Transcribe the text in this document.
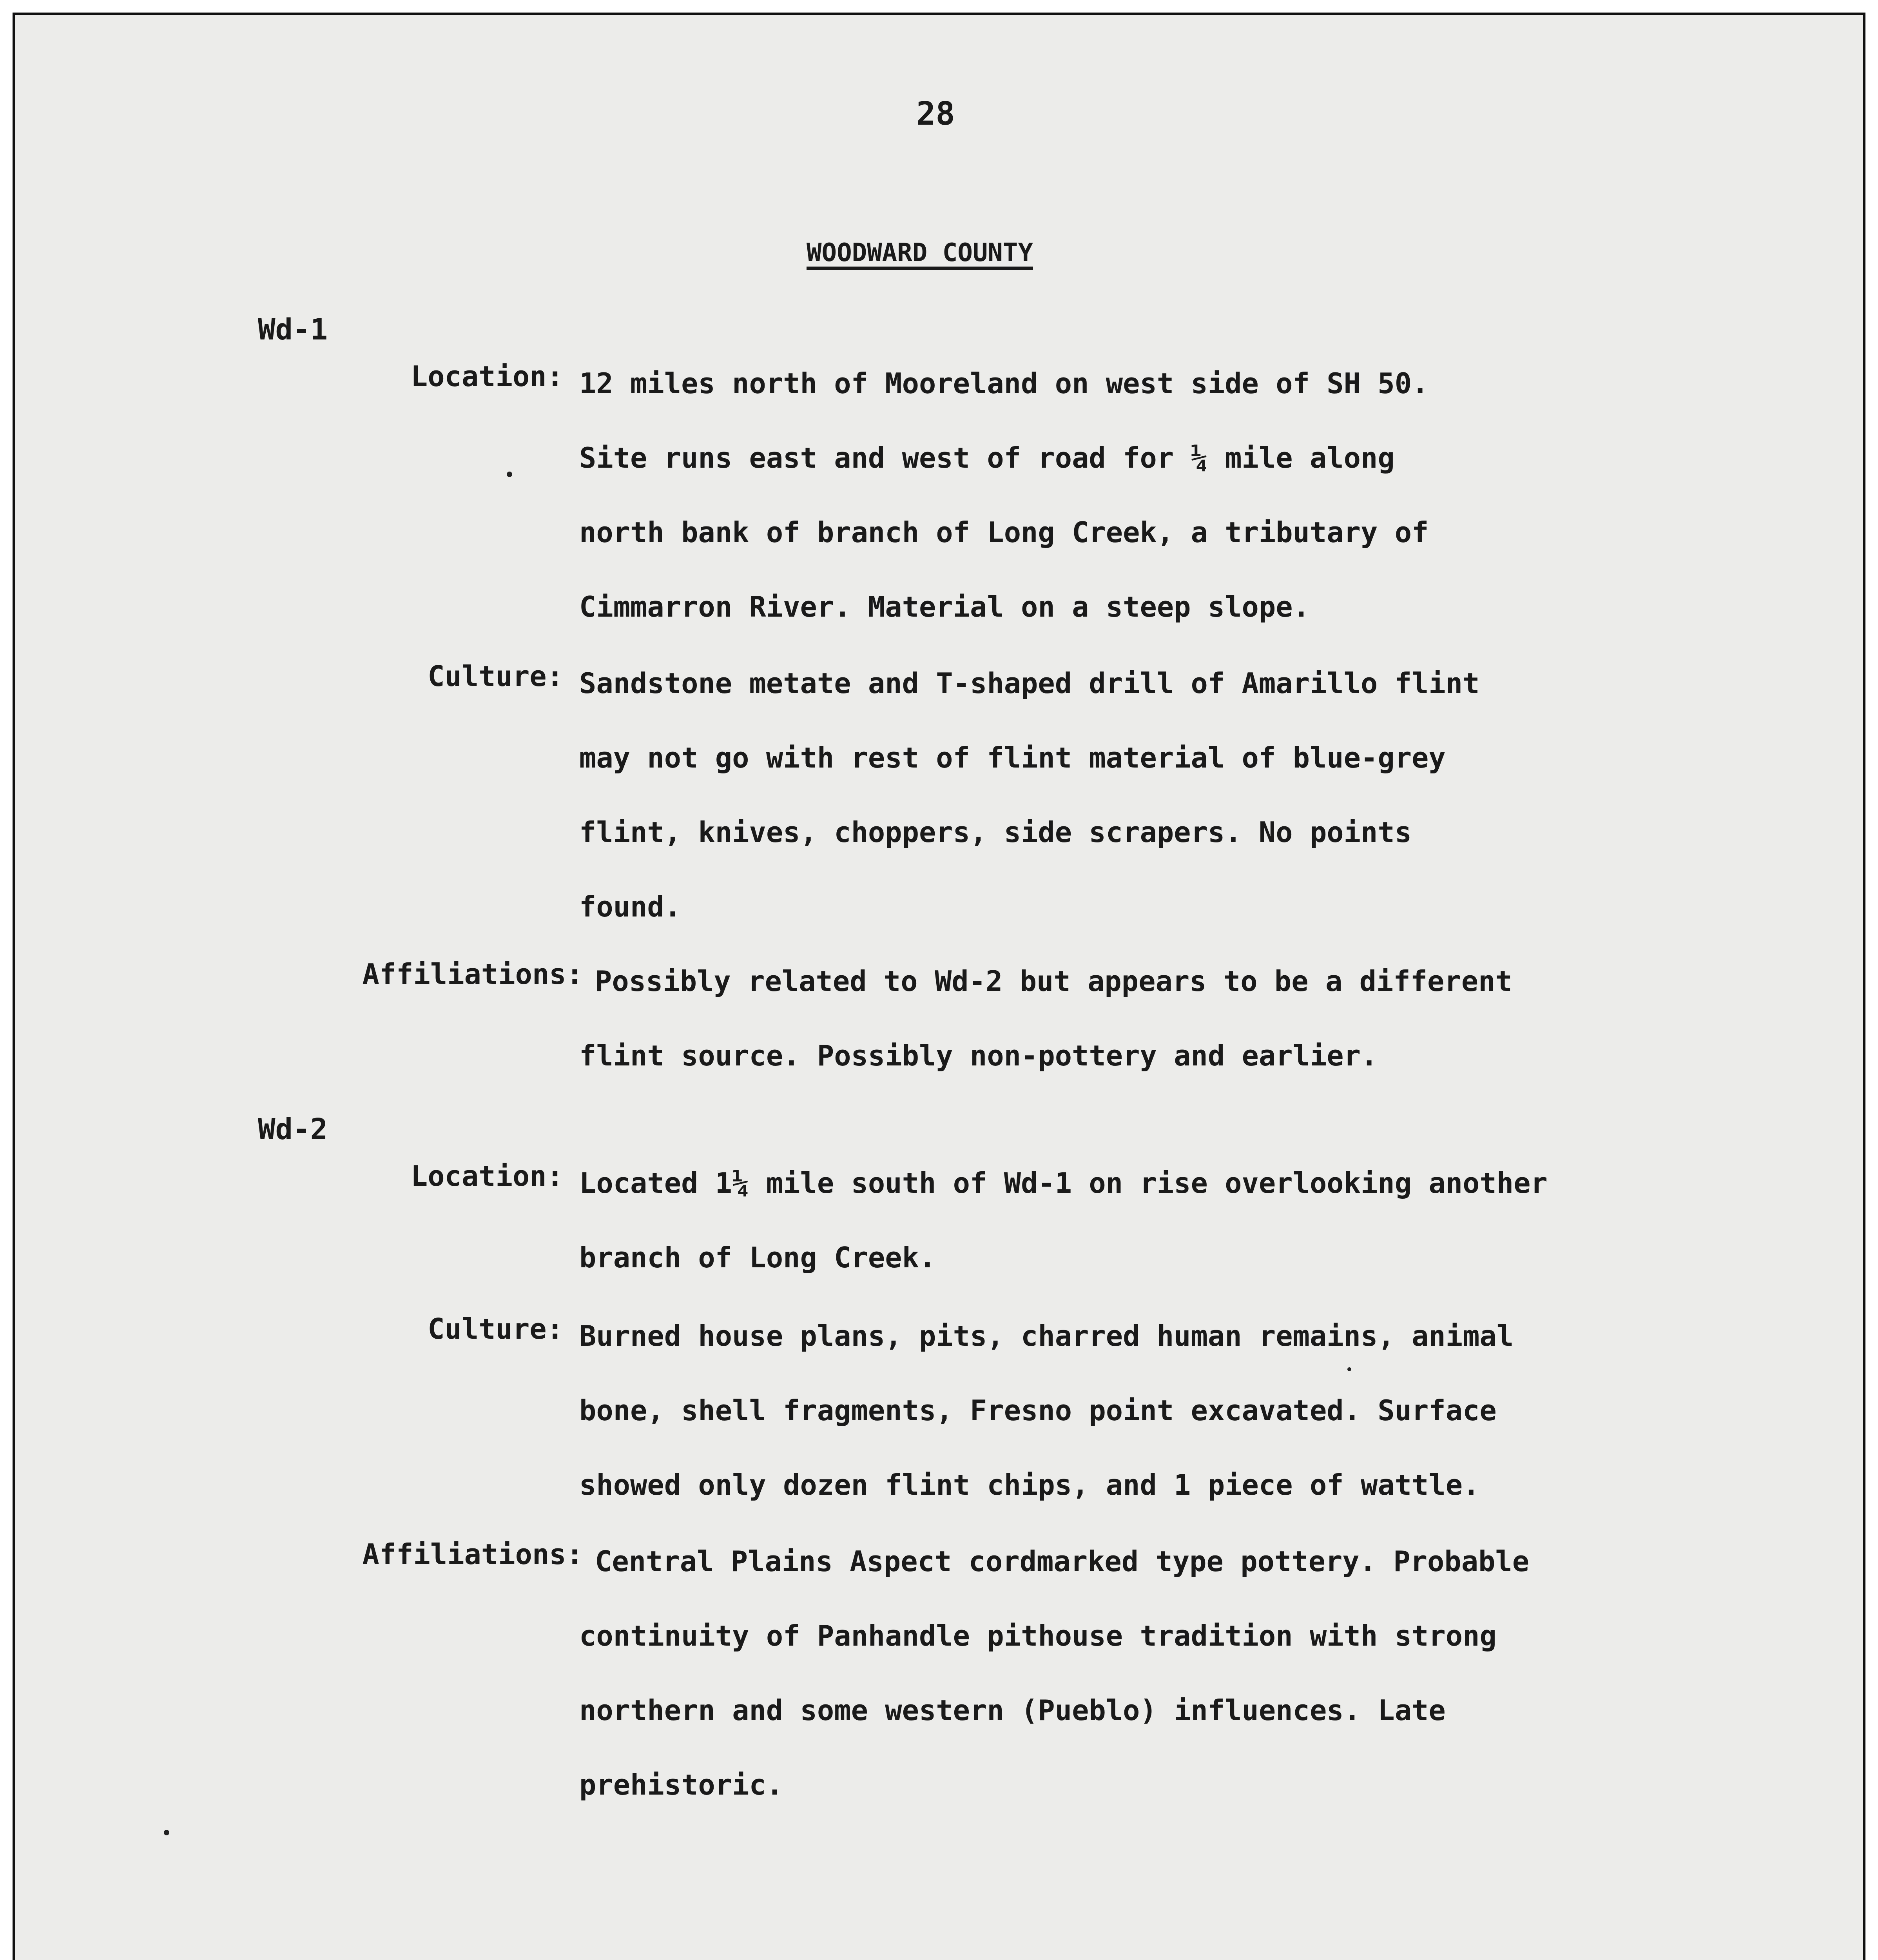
28
WOODWARD COUNTY
Wd-1
Location: 12 miles north of Mooreland on west side of SH 50.
Site runs east and west of road for ¼ mile along
north bank of branch of Long Creek, a tributary of
Cimmarron River. Material on a steep slope.
Culture: Sandstone metate and T-shaped drill of Amarillo flint
may not go with rest of flint material of blue-grey
flint, knives, choppers, side scrapers. No points
found.
Affiliations: Possibly related to Wd-2 but appears to be a different
flint source. Possibly non-pottery and earlier.
Wd-2
Location: Located 1¼ mile south of Wd-1 on rise overlooking another
branch of Long Creek.
Culture: Burned house plans, pits, charred human remains, animal
bone, shell fragments, Fresno point excavated. Surface
showed only dozen flint chips, and 1 piece of wattle.
Affiliations: Central Plains Aspect cordmarked type pottery. Probable
continuity of Panhandle pithouse tradition with strong
northern and some western (Pueblo) influences. Late
prehistoric.
